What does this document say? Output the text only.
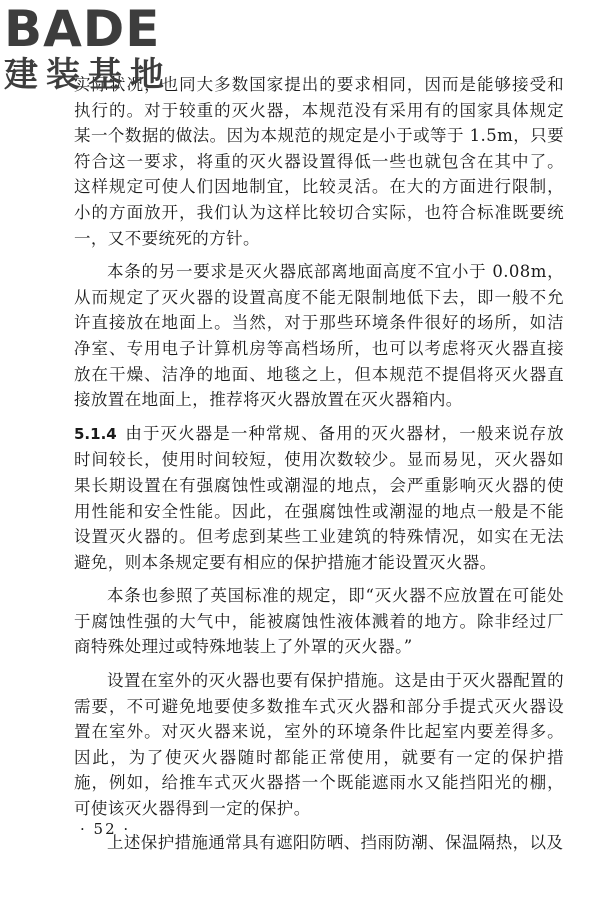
BADE
建装基地

实际状况，也同大多数国家提出的要求相同，因而是能够接受和执行的。对于较重的灭火器，本规范没有采用有的国家具体规定某一个数据的做法。因为本规范的规定是小于或等于 1.5m，只要符合这一要求，将重的灭火器设置得低一些也就包含在其中了。这样规定可使人们因地制宜，比较灵活。在大的方面进行限制，小的方面放开，我们认为这样比较切合实际，也符合标准既要统一，又不要统死的方针。

本条的另一要求是灭火器底部离地面高度不宜小于 0.08m，从而规定了灭火器的设置高度不能无限制地低下去，即一般不允许直接放在地面上。当然，对于那些环境条件很好的场所，如洁净室、专用电子计算机房等高档场所，也可以考虑将灭火器直接放在干燥、洁净的地面、地毯之上，但本规范不提倡将灭火器直接放置在地面上，推荐将灭火器放置在灭火器箱内。

5.1.4 由于灭火器是一种常规、备用的灭火器材，一般来说存放时间较长，使用时间较短，使用次数较少。显而易见，灭火器如果长期设置在有强腐蚀性或潮湿的地点，会严重影响灭火器的使用性能和安全性能。因此，在强腐蚀性或潮湿的地点一般是不能设置灭火器的。但考虑到某些工业建筑的特殊情况，如实在无法避免，则本条规定要有相应的保护措施才能设置灭火器。

本条也参照了英国标准的规定，即“灭火器不应放置在可能处于腐蚀性强的大气中，能被腐蚀性液体溅着的地方。除非经过厂商特殊处理过或特殊地装上了外罩的灭火器。”

设置在室外的灭火器也要有保护措施。这是由于灭火器配置的需要，不可避免地要使多数推车式灭火器和部分手提式灭火器设置在室外。对灭火器来说，室外的环境条件比起室内要差得多。因此，为了使灭火器随时都能正常使用，就要有一定的保护措施，例如，给推车式灭火器搭一个既能遮雨水又能挡阳光的棚，可使该灭火器得到一定的保护。

上述保护措施通常具有遮阳防晒、挡雨防潮、保温隔热，以及

· 52 ·
